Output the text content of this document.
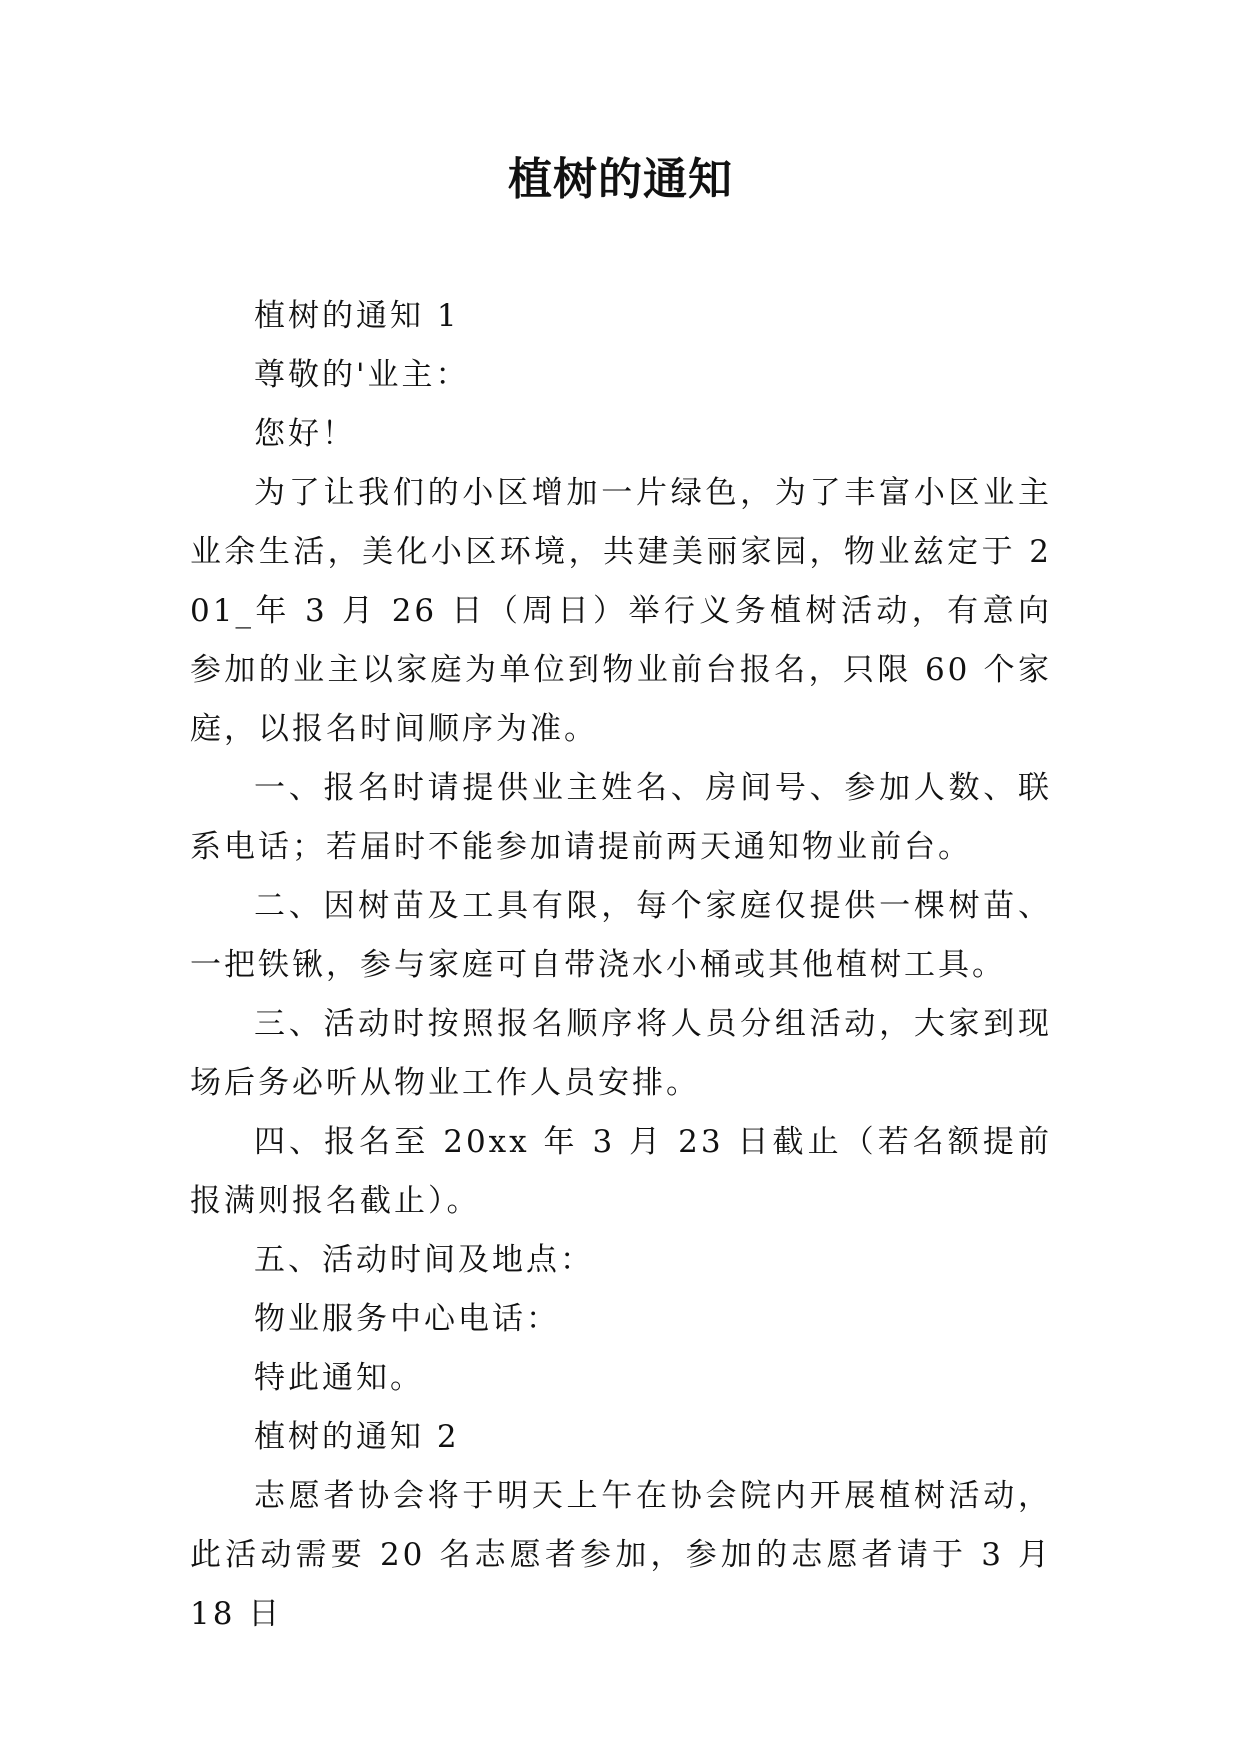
植树的通知

植树的通知 1

尊敬的'业主：

您好！

为了让我们的小区增加一片绿色，为了丰富小区业主业余生活，美化小区环境，共建美丽家园，物业兹定于 201_年 3 月 26 日（周日）举行义务植树活动，有意向参加的业主以家庭为单位到物业前台报名，只限 60 个家庭，以报名时间顺序为准。

一、报名时请提供业主姓名、房间号、参加人数、联系电话；若届时不能参加请提前两天通知物业前台。

二、因树苗及工具有限，每个家庭仅提供一棵树苗、一把铁锹，参与家庭可自带浇水小桶或其他植树工具。

三、活动时按照报名顺序将人员分组活动，大家到现场后务必听从物业工作人员安排。

四、报名至 20xx 年 3 月 23 日截止（若名额提前报满则报名截止）。

五、活动时间及地点：

物业服务中心电话：

特此通知。

植树的通知 2

志愿者协会将于明天上午在协会院内开展植树活动，此活动需要 20 名志愿者参加，参加的志愿者请于 3 月 18 日
